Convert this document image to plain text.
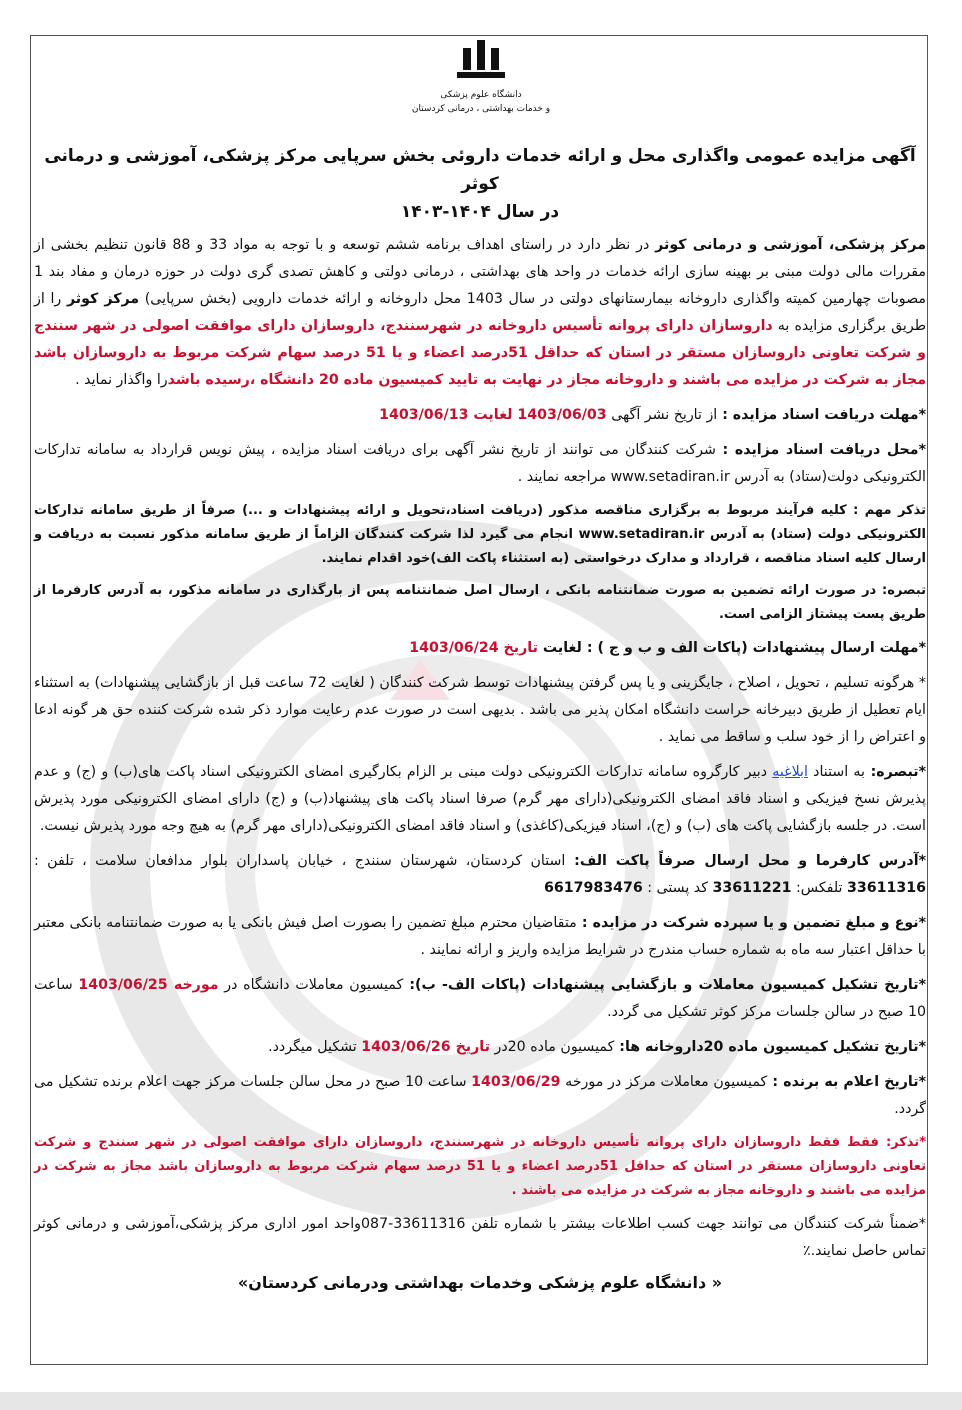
دانشگاه علوم پزشکی
و خدمات بهداشتی ، درمانی کردستان
آگهی مزایده عمومی واگذاری محل و ارائه خدمات داروئی بخش سرپایی مرکز پزشکی، آموزشی و درمانی کوثر
در سال ۱۴۰۴-۱۴۰۳

مرکز پزشکی، آموزشی و درمانی کوثر در نظر دارد در راستای اهداف برنامه ششم توسعه و با توجه به مواد 33 و 88 قانون تنظیم بخشی از مقررات مالی دولت مبنی بر بهینه سازی ارائه خدمات در واحد های بهداشتی ، درمانی دولتی و کاهش تصدی گری دولت در حوزه درمان و مفاد بند 1 مصوبات چهارمین کمیته واگذاری داروخانه بیمارستانهای دولتی در سال 1403 محل داروخانه و ارائه خدمات دارویی (بخش سرپایی) مرکز کوثر را از طریق برگزاری مزایده به داروسازان دارای پروانه تأسیس داروخانه در شهرسنندج، داروسازان دارای موافقت اصولی در شهر سنندج و شرکت تعاونی داروسازان مستقر در استان که حداقل 51درصد اعضاء و یا 51 درصد سهام شرکت مربوط به داروسازان باشد مجاز به شرکت در مزایده می باشند و داروخانه مجاز در نهایت به تایید کمیسیون ماده 20 دانشگاه ،رسیده باشدرا واگذار نماید .

*مهلت دریافت اسناد مزایده : از تاریخ نشر آگهی 1403/06/03 لغایت 1403/06/13

*محل دریافت اسناد مزایده : شرکت کنندگان می توانند از تاریخ نشر آگهی برای دریافت اسناد مزایده ، پیش نویس قرارداد به سامانه تدارکات الکترونیکی دولت(ستاد) به آدرس www.setadiran.ir مراجعه نمایند .

تذکر مهم : کلیه فرآیند مربوط به برگزاری مناقصه مذکور (دریافت اسناد،تحویل و ارائه پیشنهادات و ...) صرفاً از طریق سامانه تدارکات الکترونیکی دولت (ستاد) به آدرس www.setadiran.ir انجام می گیرد لذا شرکت کنندگان الزاماً از طریق سامانه مذکور نسبت به دریافت و ارسال کلیه اسناد مناقصه ، قرارداد و مدارک درخواستی (به استثناء پاکت الف)خود اقدام نمایند.

تبصره: در صورت ارائه تضمین به صورت ضمانتنامه بانکی ، ارسال اصل ضمانتنامه پس از بارگذاری در سامانه مذکور، به آدرس کارفرما از طریق پست پیشتاز الزامی است.

*مهلت ارسال پیشنهادات (پاکات الف و ب و ج ) : لغایت تاریخ 1403/06/24

* هرگونه تسلیم ، تحویل ، اصلاح ، جایگزینی و یا پس گرفتن پیشنهادات توسط شرکت کنندگان ( لغایت 72 ساعت قبل از بازگشایی پیشنهادات) به استثناء ایام تعطیل از طریق دبیرخانه حراست دانشگاه امکان پذیر می باشد . بدیهی است در صورت عدم رعایت موارد ذکر شده شرکت کننده حق هر گونه ادعا و اعتراض را از خود سلب و ساقط می نماید .

*تبصره: به استناد ابلاغیه دبیر کارگروه سامانه تدارکات الکترونیکی دولت مبنی بر الزام بکارگیری امضای الکترونیکی اسناد پاکت های(ب) و (ج) و عدم پذیرش نسخ فیزیکی و اسناد فاقد امضای الکترونیکی(دارای مهر گرم) صرفا اسناد پاکت های پیشنهاد(ب) و (ج) دارای امضای الکترونیکی مورد پذیرش است. در جلسه بازگشایی پاکت های (ب) و (ج)، اسناد فیزیکی(کاغذی) و اسناد فاقد امضای الکترونیکی(دارای مهر گرم) به هیچ وجه مورد پذیرش نیست.

*آدرس کارفرما و محل ارسال صرفاً پاکت الف: استان کردستان، شهرستان سنندج ، خیابان پاسداران بلوار مدافعان سلامت ، تلفن : 33611316 تلفکس: 33611221 کد پستی : 6617983476

*نوع و مبلغ تضمین و یا سپرده شرکت در مزایده : متقاضیان محترم مبلغ تضمین را بصورت اصل فیش بانکی یا به صورت ضمانتنامه بانکی معتبر با حداقل اعتبار سه ماه به شماره حساب مندرج در شرایط مزایده واریز و ارائه نمایند .

*تاریخ تشکیل کمیسیون معاملات و بازگشایی پیشنهادات (پاکات الف- ب): کمیسیون معاملات دانشگاه در مورخه 1403/06/25 ساعت 10 صبح در سالن جلسات مرکز کوثر تشکیل می گردد.

*تاریخ تشکیل کمیسیون ماده 20داروخانه ها: کمیسیون ماده 20در تاریخ 1403/06/26 تشکیل میگردد.

*تاریخ اعلام به برنده : کمیسیون معاملات مرکز در مورخه 1403/06/29 ساعت 10 صبح در محل سالن جلسات مرکز جهت اعلام برنده تشکیل می گردد.

*تذکر: فقط فقط داروسازان دارای پروانه تأسیس داروخانه در شهرسنندج، داروسازان دارای موافقت اصولی در شهر سنندج و شرکت تعاونی داروسازان مستقر در استان که حداقل 51درصد اعضاء و یا 51 درصد سهام شرکت مربوط به داروسازان باشد مجاز به شرکت در مزایده می باشند و داروخانه مجاز به شرکت در مزایده می باشند .

*ضمناً شرکت کنندگان می توانند جهت کسب اطلاعات بیشتر با شماره تلفن 33611316-087واحد امور اداری مرکز پزشکی،آموزشی و درمانی کوثر تماس حاصل نمایند.٪

« دانشگاه علوم پزشکی وخدمات بهداشتی ودرمانی کردستان»
